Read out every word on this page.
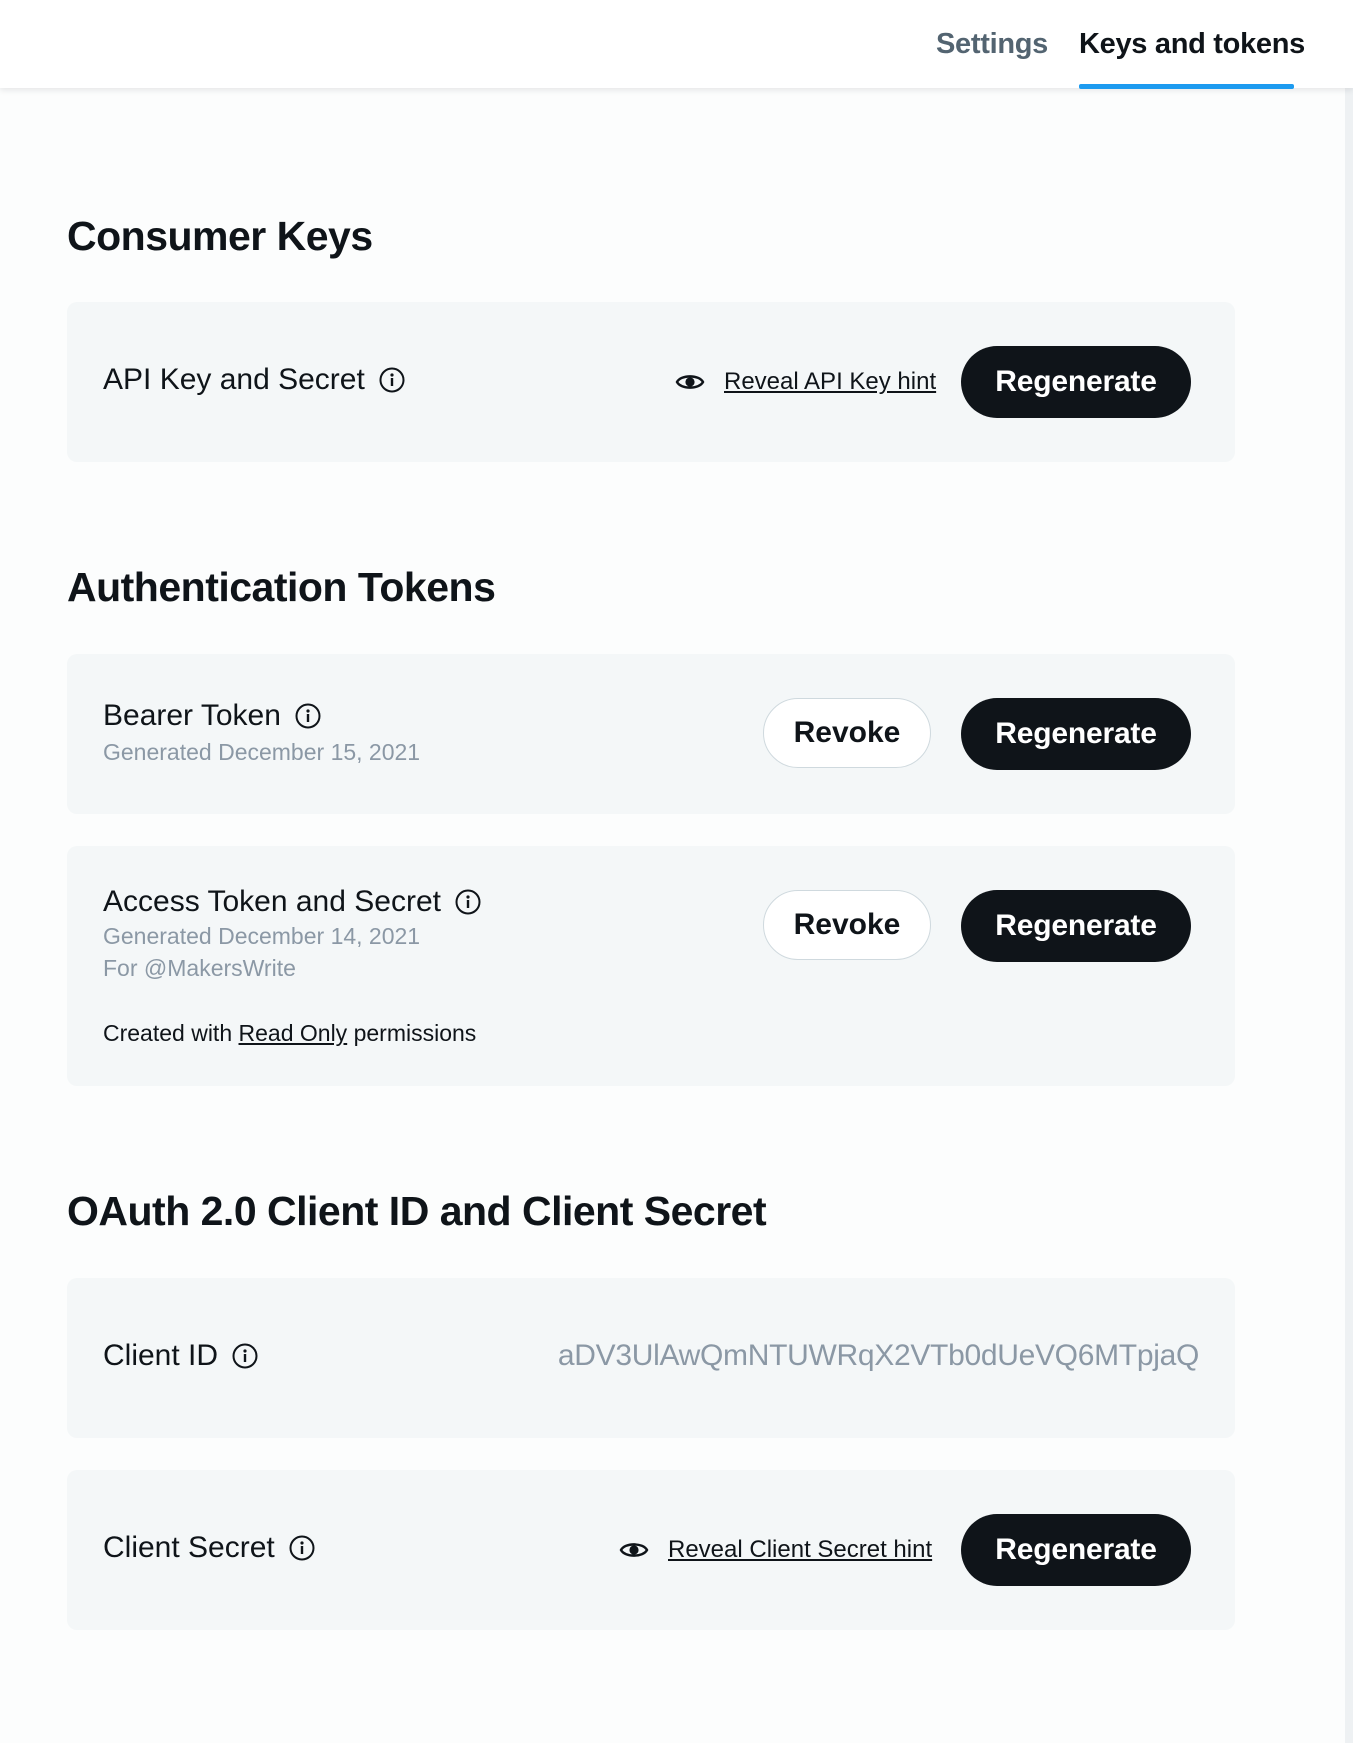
Settings Keys and tokens
Consumer Keys
API Key and Secret	Reveal API Key hint	Regenerate
Authentication Tokens
Bearer Token
Generated December 15, 2021
Revoke	Regenerate
Access Token and Secret
Generated December 14, 2021
For @MakersWrite
Created with Read Only permissions
Revoke	Regenerate
OAuth 2.0 Client ID and Client Secret
Client ID	aDV3UlAwQmNTUWRqX2VTb0dUeVQ6MTpjaQ
Client Secret	Reveal Client Secret hint	Regenerate
